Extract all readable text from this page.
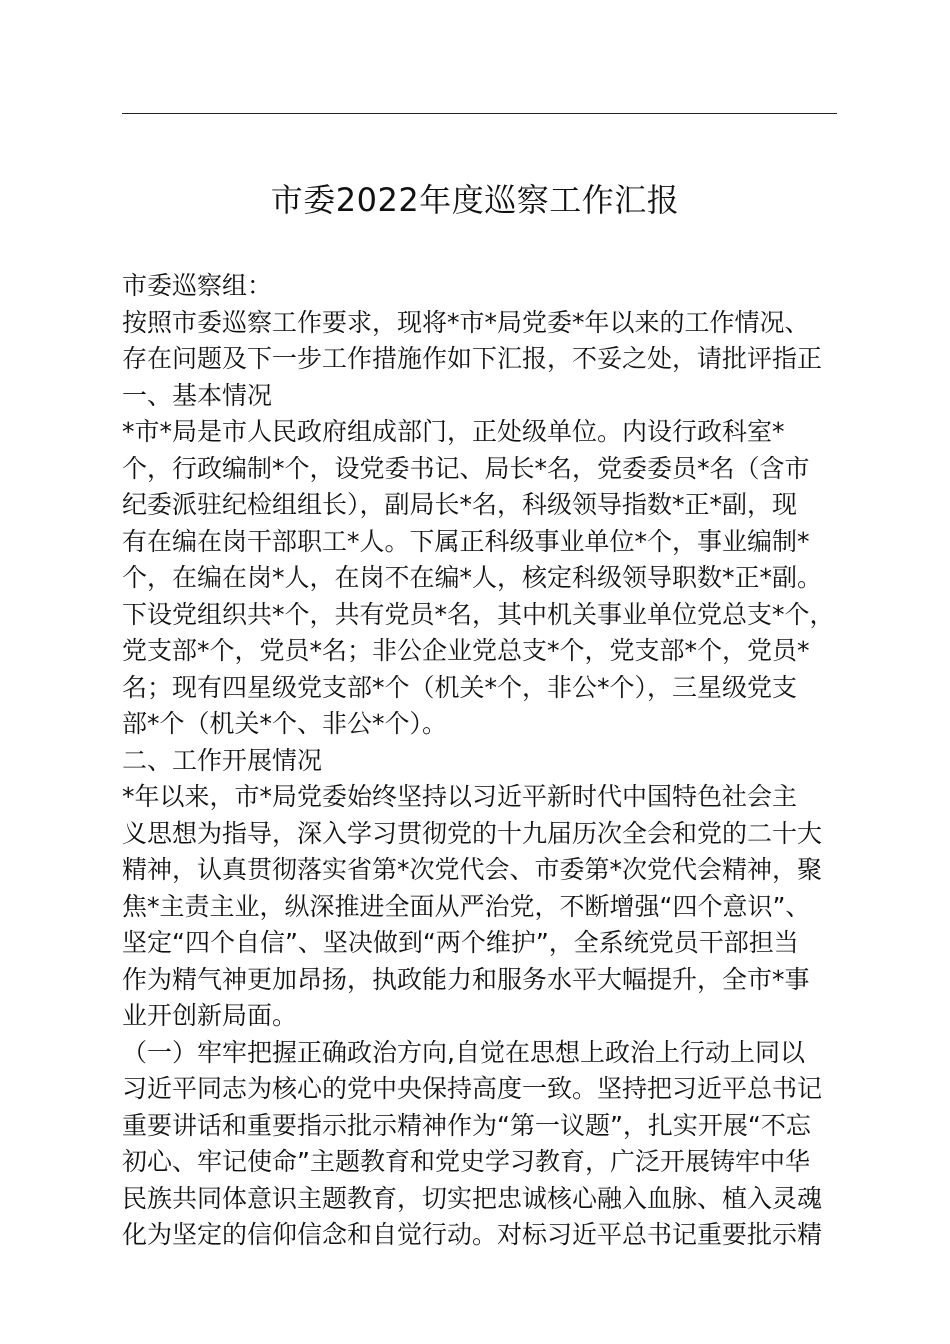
市委2022年度巡察工作汇报
市委巡察组：
按照市委巡察工作要求，现将*市*局党委*年以来的工作情况、
存在问题及下一步工作措施作如下汇报，不妥之处，请批评指正
一、基本情况
*市*局是市人民政府组成部门，正处级单位。内设行政科室*
个，行政编制*个，设党委书记、局长*名，党委委员*名（含市
纪委派驻纪检组组长），副局长*名，科级领导指数*正*副，现
有在编在岗干部职工*人。下属正科级事业单位*个，事业编制*
个，在编在岗*人，在岗不在编*人，核定科级领导职数*正*副。
下设党组织共*个，共有党员*名，其中机关事业单位党总支*个，
党支部*个，党员*名；非公企业党总支*个，党支部*个，党员*
名；现有四星级党支部*个（机关*个，非公*个），三星级党支
部*个（机关*个、非公*个）。
二、工作开展情况
*年以来，市*局党委始终坚持以习近平新时代中国特色社会主
义思想为指导，深入学习贯彻党的十九届历次全会和党的二十大
精神，认真贯彻落实省第*次党代会、市委第*次党代会精神，聚
焦*主责主业，纵深推进全面从严治党，不断增强“四个意识”、
坚定“四个自信”、坚决做到“两个维护”，全系统党员干部担当
作为精气神更加昂扬，执政能力和服务水平大幅提升，全市*事
业开创新局面。
（一）牢牢把握正确政治方向,自觉在思想上政治上行动上同以
习近平同志为核心的党中央保持高度一致。坚持把习近平总书记
重要讲话和重要指示批示精神作为“第一议题”，扎实开展“不忘
初心、牢记使命”主题教育和党史学习教育，广泛开展铸牢中华
民族共同体意识主题教育，切实把忠诚核心融入血脉、植入灵魂
化为坚定的信仰信念和自觉行动。对标习近平总书记重要批示精
